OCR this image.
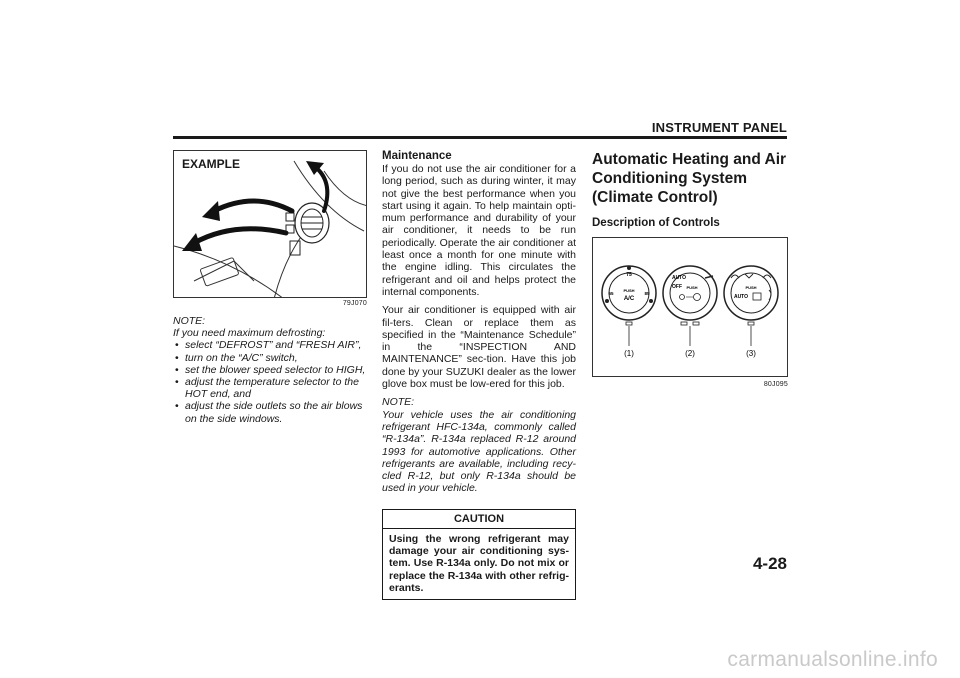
INSTRUMENT PANEL
EXAMPLE
79J070
NOTE:
If you need maximum defrosting:
• select “DEFROST” and “FRESH AIR”,
• turn on the “A/C” switch,
• set the blower speed selector to HIGH,
• adjust the temperature selector to the HOT end, and
• adjust the side outlets so the air blows on the side windows.
Maintenance

If you do not use the air conditioner for a long period, such as during winter, it may not give the best performance when you start using it again. To help maintain opti-mum performance and durability of your air conditioner, it needs to be run periodically. Operate the air conditioner at least once a month for one minute with the engine idling. This circulates the refrigerant and oil and helps protect the internal components.

Your air conditioner is equipped with air fil-ters. Clean or replace them as specified in the “Maintenance Schedule” in the “INSPECTION AND MAINTENANCE” sec-tion. Have this job done by your SUZUKI dealer as the lower glove box must be low-ered for this job.

NOTE:
Your vehicle uses the air conditioning refrigerant HFC-134a, commonly called “R-134a”. R-134a replaced R-12 around 1993 for automotive applications. Other refrigerants are available, including recy-cled R-12, but only R-134a should be used in your vehicle.
CAUTION
Using the wrong refrigerant may damage your air conditioning sys-tem. Use R-134a only. Do not mix or replace the R-134a with other refrig-erants.
Automatic Heating and Air Conditioning System (Climate Control)
Description of Controls
75
65	85
PUSH
A/C
AUTO
OFF PUSH	PUSH
AUTO
(1)	(2)	(3)
80J095
4-28
carmanualsonline.info
